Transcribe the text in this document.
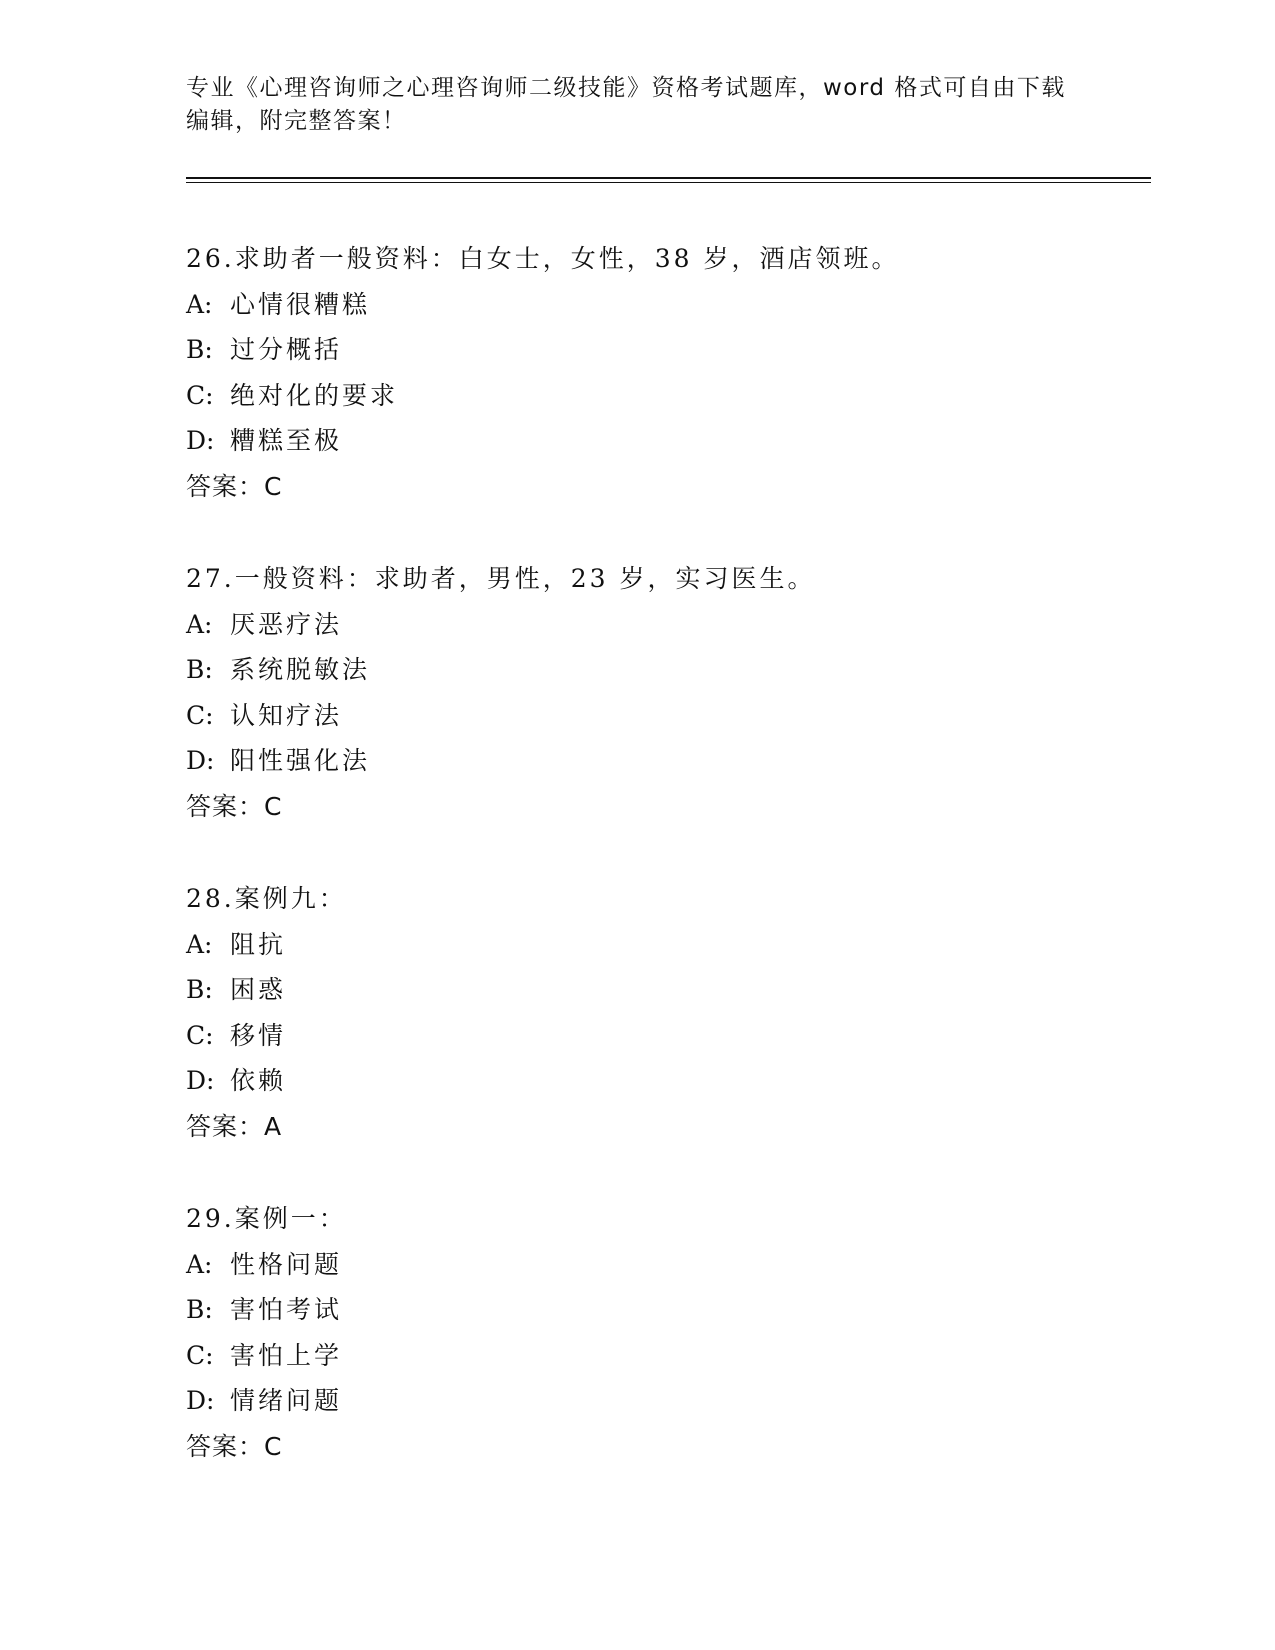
专业《心理咨询师之心理咨询师二级技能》资格考试题库，word 格式可自由下载
编辑，附完整答案！
26.求助者一般资料：白女士，女性，38 岁，酒店领班。
A: 心情很糟糕
B: 过分概括
C: 绝对化的要求
D: 糟糕至极
答案：C
27.一般资料：求助者，男性，23 岁，实习医生。
A: 厌恶疗法
B: 系统脱敏法
C: 认知疗法
D: 阳性强化法
答案：C
28.案例九：
A: 阻抗
B: 困惑
C: 移情
D: 依赖
答案：A
29.案例一：
A: 性格问题
B: 害怕考试
C: 害怕上学
D: 情绪问题
答案：C
